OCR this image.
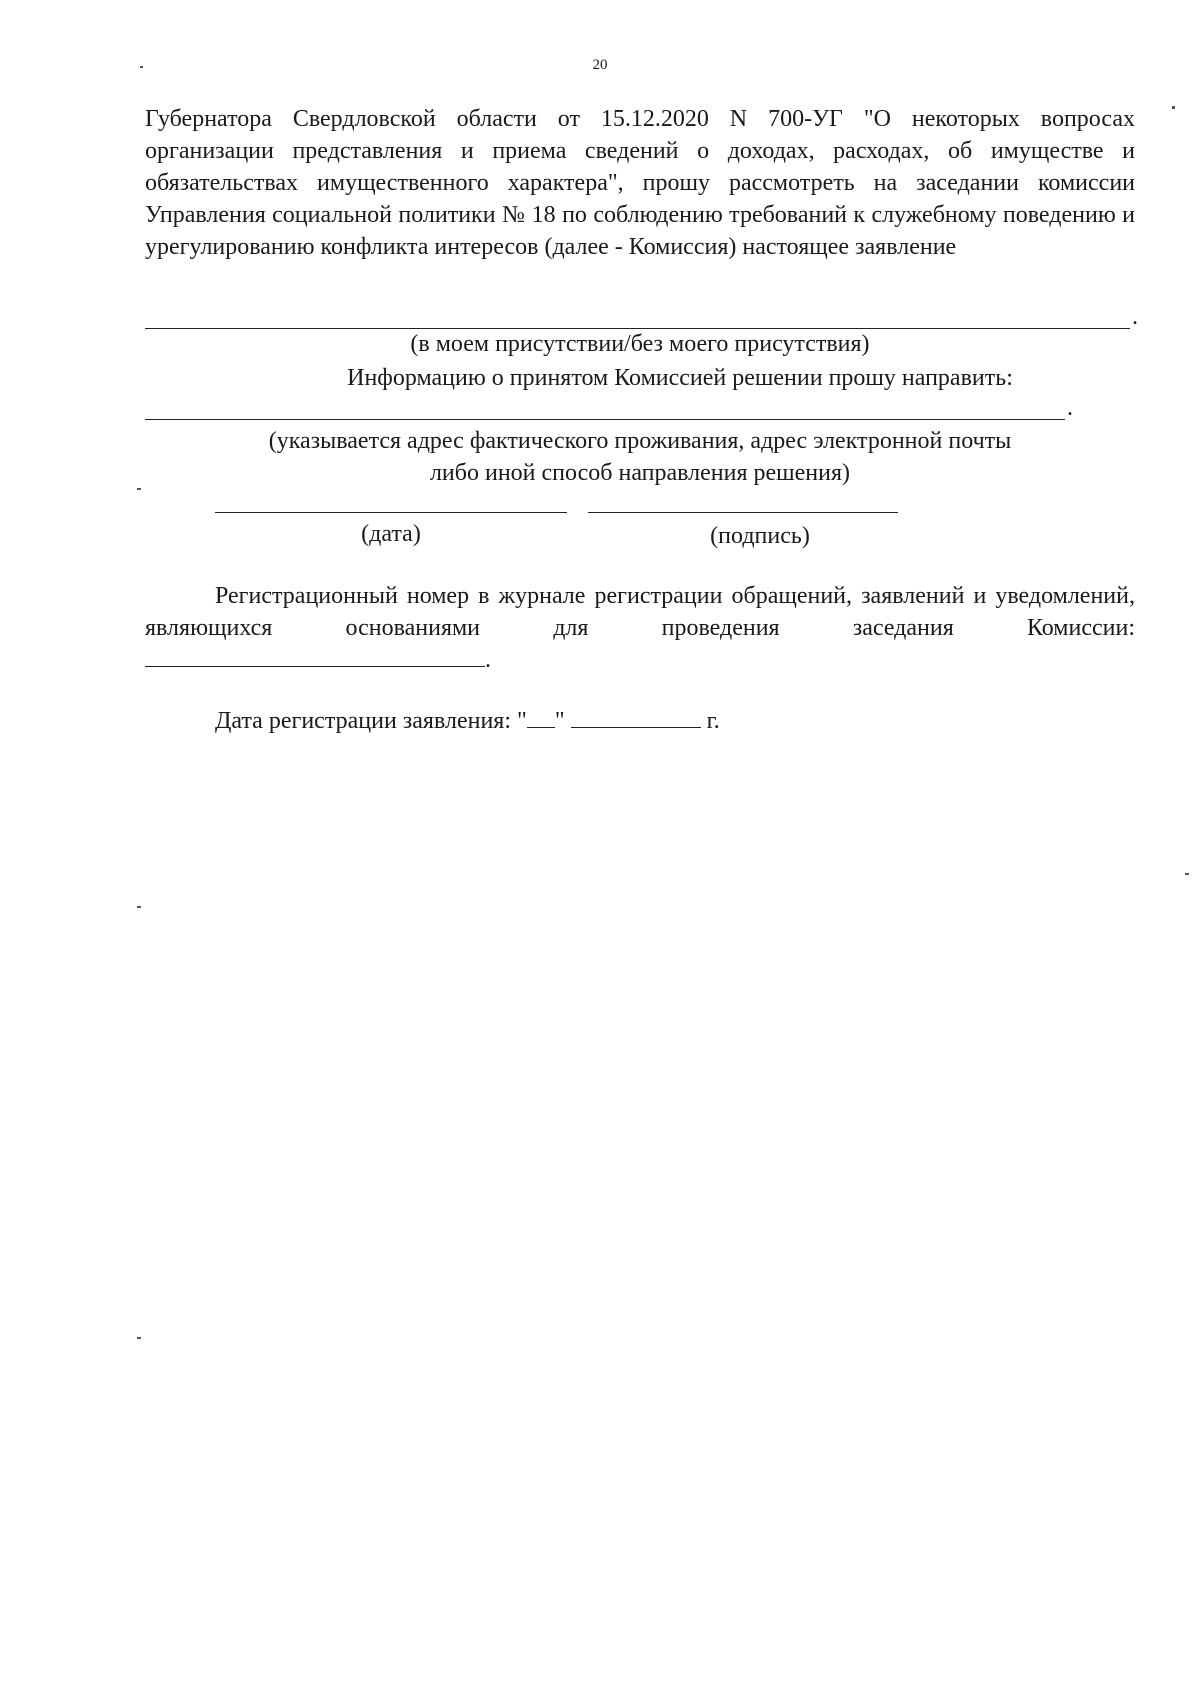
20
Губернатора Свердловской области от 15.12.2020 N 700-УГ "О некоторых вопросах организации представления и приема сведений о доходах, расходах, об имуществе и обязательствах имущественного характера", прошу рассмотреть на заседании комиссии Управления социальной политики № 18 по соблюдению требований к служебному поведению и урегулированию конфликта интересов (далее - Комиссия) настоящее заявление
.
(в моем присутствии/без моего присутствия)
Информацию о принятом Комиссией решении прошу направить:
.
(указывается адрес фактического проживания, адрес электронной почты
либо иной способ направления решения)
(дата)	(подпись)
Регистрационный номер в журнале регистрации обращений, заявлений и уведомлений, являющихся основаниями для проведения заседания Комиссии:.
Дата регистрации заявления: " "	г.
